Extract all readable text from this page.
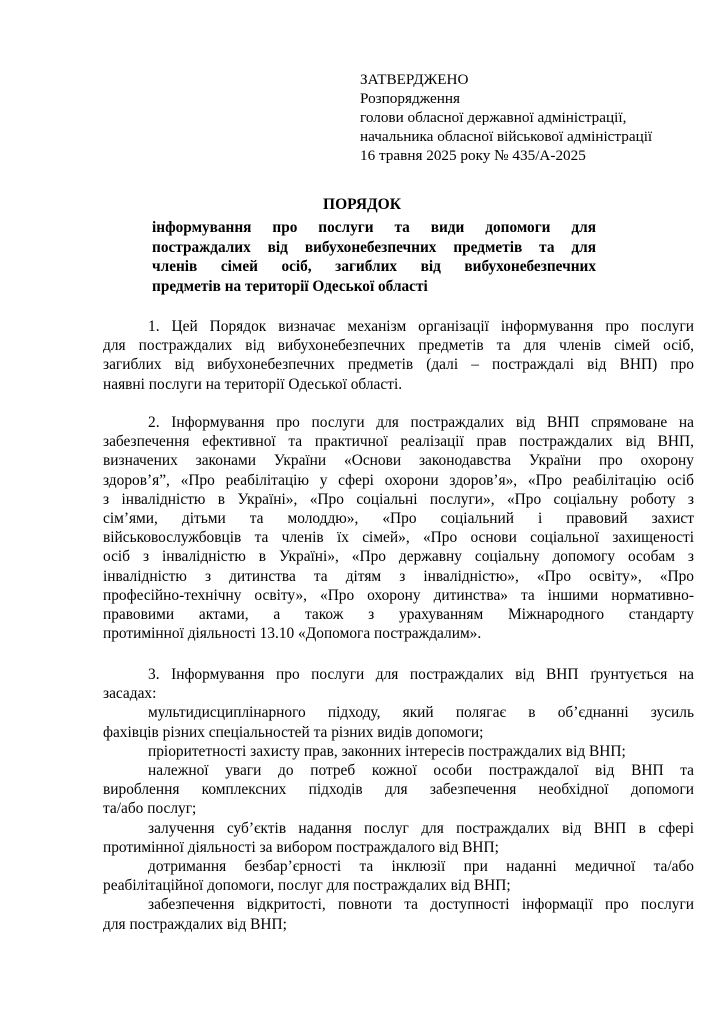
ЗАТВЕРДЖЕНО
Розпорядження
голови обласної державної адміністрації,
начальника обласної військової адміністрації
16 травня 2025 року № 435/А-2025
ПОРЯДОК
інформування про послуги та види допомоги для
постраждалих від вибухонебезпечних предметів та для
членів сімей осіб, загиблих від вибухонебезпечних
предметів на території Одеської області
1. Цей Порядок визначає механізм організації інформування про послуги
для постраждалих від вибухонебезпечних предметів та для членів сімей осіб,
загиблих від вибухонебезпечних предметів (далі – постраждалі від ВНП) про
наявні послуги на території Одеської області.
2. Інформування про послуги для постраждалих від ВНП спрямоване на
забезпечення ефективної та практичної реалізації прав постраждалих від ВНП,
визначених законами України «Основи законодавства України про охорону
здоров’я”, «Про реабілітацію у сфері охорони здоров’я», «Про реабілітацію осіб
з інвалідністю в Україні», «Про соціальні послуги», «Про соціальну роботу з
сім’ями, дітьми та молоддю», «Про соціальний і правовий захист
військовослужбовців та членів їх сімей», «Про основи соціальної захищеності
осіб з інвалідністю в Україні», «Про державну соціальну допомогу особам з
інвалідністю з дитинства та дітям з інвалідністю», «Про освіту», «Про
професійно-технічну освіту», «Про охорону дитинства» та іншими нормативно-
правовими актами, а також з урахуванням Міжнародного стандарту
протимінної діяльності 13.10 «Допомога постраждалим».
3. Інформування про послуги для постраждалих від ВНП ґрунтується на
засадах:
мультидисциплінарного підходу, який полягає в об’єднанні зусиль
фахівців різних спеціальностей та різних видів допомоги;
пріоритетності захисту прав, законних інтересів постраждалих від ВНП;
належної уваги до потреб кожної особи постраждалої від ВНП та
вироблення комплексних підходів для забезпечення необхідної допомоги
та/або послуг;
залучення суб’єктів надання послуг для постраждалих від ВНП в сфері
протимінної діяльності за вибором постраждалого від ВНП;
дотримання безбар’єрності та інклюзії при наданні медичної та/або
реабілітаційної допомоги, послуг для постраждалих від ВНП;
забезпечення відкритості, повноти та доступності інформації про послуги
для постраждалих від ВНП;
